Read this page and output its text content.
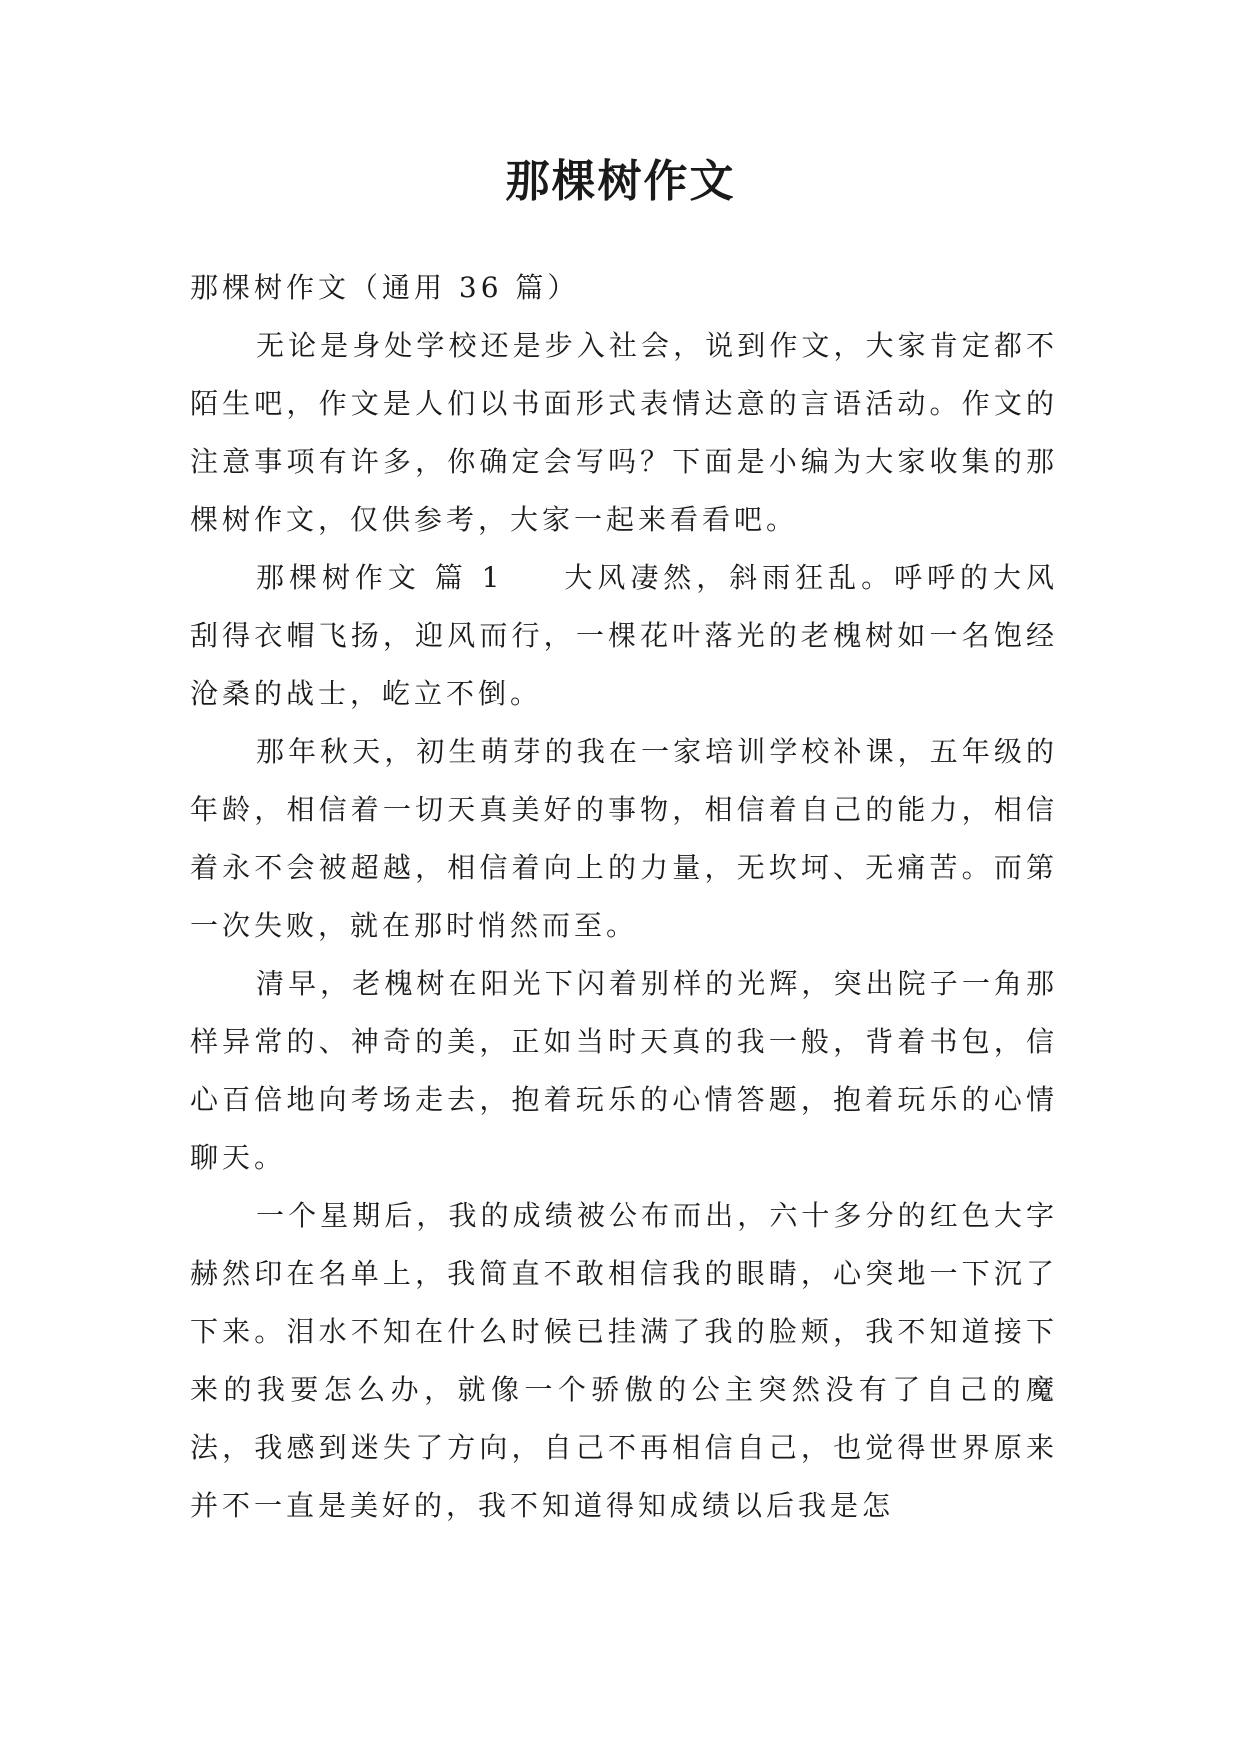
那棵树作文

那棵树作文（通用 36 篇）

无论是身处学校还是步入社会，说到作文，大家肯定都不陌生吧，作文是人们以书面形式表情达意的言语活动。作文的注意事项有许多，你确定会写吗？下面是小编为大家收集的那棵树作文，仅供参考，大家一起来看看吧。

那棵树作文 篇 1 大风凄然，斜雨狂乱。呼呼的大风刮得衣帽飞扬，迎风而行，一棵花叶落光的老槐树如一名饱经沧桑的战士，屹立不倒。

那年秋天，初生萌芽的我在一家培训学校补课，五年级的年龄，相信着一切天真美好的事物，相信着自己的能力，相信着永不会被超越，相信着向上的力量，无坎坷、无痛苦。而第一次失败，就在那时悄然而至。

清早，老槐树在阳光下闪着别样的光辉，突出院子一角那样异常的、神奇的美，正如当时天真的我一般，背着书包，信心百倍地向考场走去，抱着玩乐的心情答题，抱着玩乐的心情聊天。

一个星期后，我的成绩被公布而出，六十多分的红色大字赫然印在名单上，我简直不敢相信我的眼睛，心突地一下沉了下来。泪水不知在什么时候已挂满了我的脸颊，我不知道接下来的我要怎么办，就像一个骄傲的公主突然没有了自己的魔法，我感到迷失了方向，自己不再相信自己，也觉得世界原来并不一直是美好的，我不知道得知成绩以后我是怎
